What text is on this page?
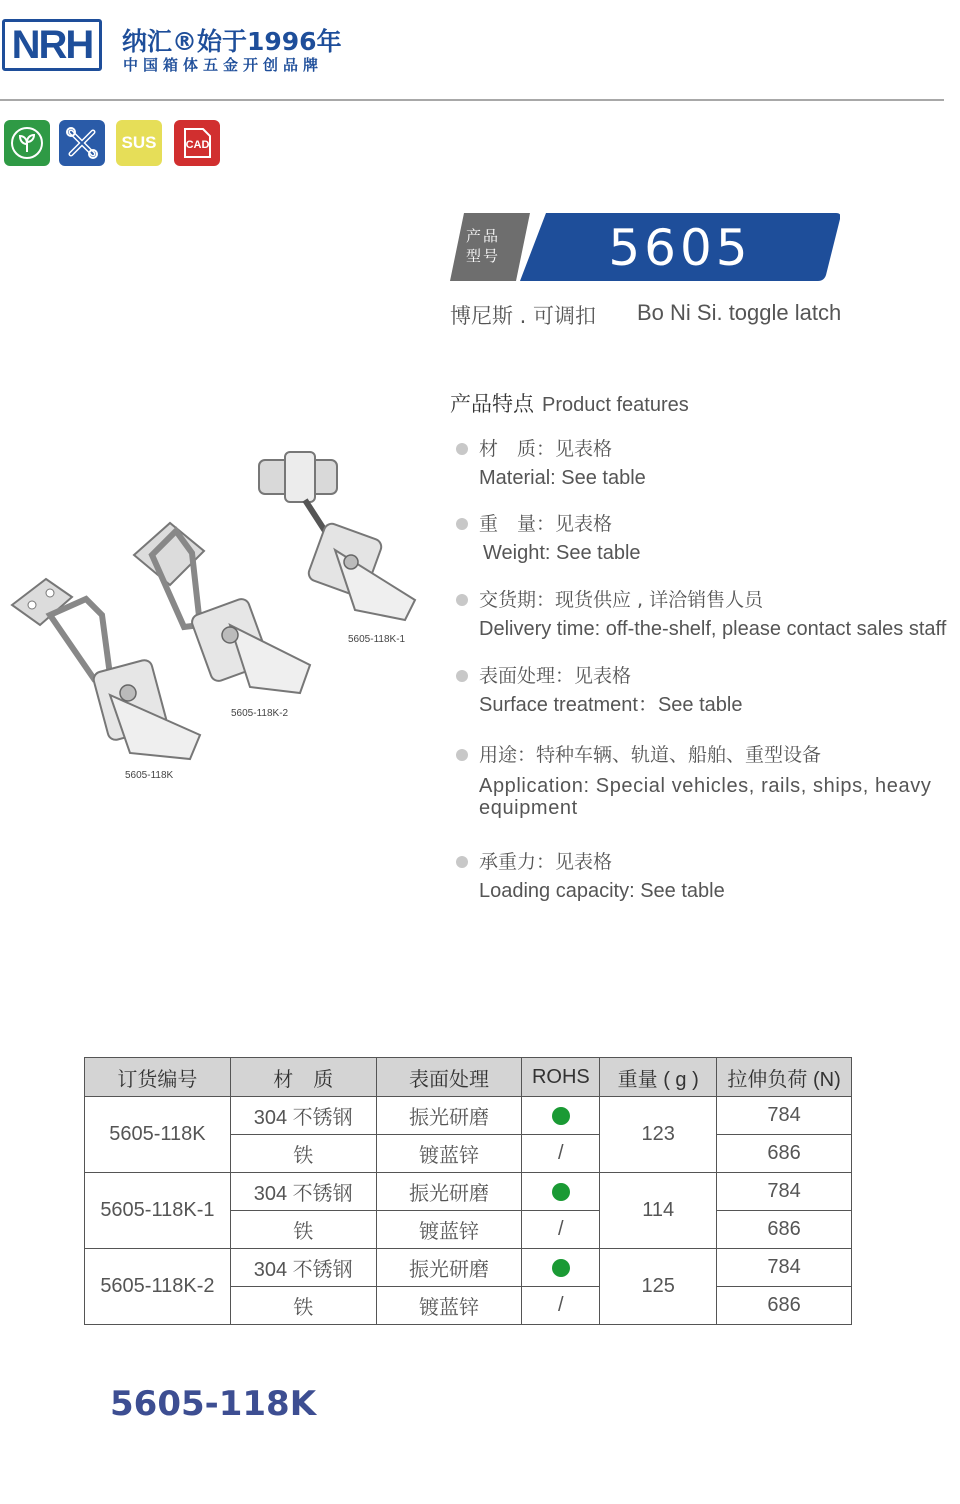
NRH	纳汇®始于1996年
中国箱体五金开创品牌
SUS	CAD
产品
型号	5605
博尼斯 . 可调扣 Bo Ni Si. toggle latch
5605-118K-1
5605-118K-2
5605-118K
产品特点 Product features
材　质：见表格
Material: See table
重　量：见表格
Weight: See table
交货期：现货供应 , 详洽销售人员
Delivery time: off-the-shelf, please contact sales staff
表面处理：见表格
Surface treatment：See table
用途：特种车辆、轨道、船舶、重型设备
Application: Special vehicles, rails, ships, heavy equipment
承重力：见表格
Loading capacity: See table
订货编号	材　质	表面处理	ROHS	重量 ( g )	拉伸负荷 (N)
5605-118K	304 不锈钢	振光研磨		123	784
	铁	镀蓝锌	/		686
5605-118K-1	304 不锈钢	振光研磨		114	784
	铁	镀蓝锌	/		686
5605-118K-2	304 不锈钢	振光研磨		125	784
	铁	镀蓝锌	/		686
5605-118K
